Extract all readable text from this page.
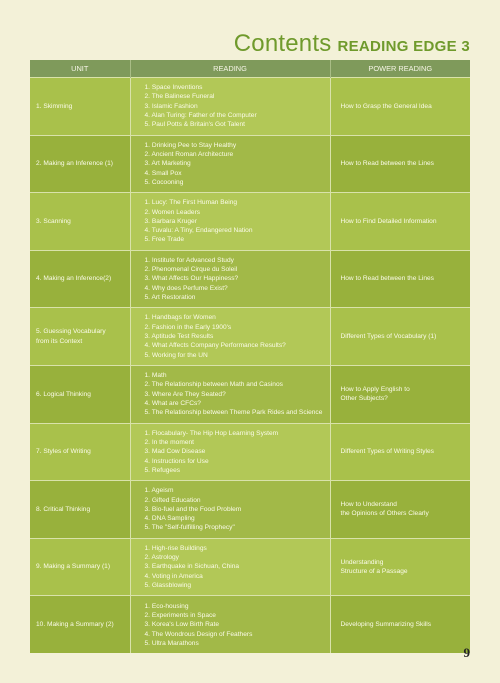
Contents READING EDGE 3
UNIT	READING	POWER READING
1. Skimming	1. Space Inventions
2. The Balinese Funeral
3. Islamic Fashion
4. Alan Turing: Father of the Computer
5. Paul Potts & Britain's Got Talent	How to Grasp the General Idea
2. Making an Inference (1)	1. Drinking Pee to Stay Healthy
2. Ancient Roman Architecture
3. Art Marketing
4. Small Pox
5. Cocooning	How to Read between the Lines
3. Scanning	1. Lucy: The First Human Being
2. Women Leaders
3. Barbara Kruger
4. Tuvalu: A Tiny, Endangered Nation
5. Free Trade	How to Find Detailed Information
4. Making an Inference(2)	1. Institute for Advanced Study
2. Phenomenal Cirque du Soleil
3. What Affects Our Happiness?
4. Why does Perfume Exist?
5. Art Restoration	How to Read between the Lines
5. Guessing Vocabulary
from its Context	1. Handbags for Women
2. Fashion in the Early 1900's
3. Aptitude Test Results
4. What Affects Company Performance Results?
5. Working for the UN	Different Types of Vocabulary (1)
6. Logical Thinking	1. Math
2. The Relationship between Math and Casinos
3. Where Are They Seated?
4. What are CFCs?
5. The Relationship between Theme Park Rides and Science	How to Apply English to
Other Subjects?
7. Styles of Writing	1. Flocabulary- The Hip Hop Learning System
2. In the moment
3. Mad Cow Disease
4. Instructions for Use
5. Refugees	Different Types of Writing Styles
8. Critical Thinking	1. Ageism
2. Gifted Education
3. Bio-fuel and the Food Problem
4. DNA Sampling
5. The "Self-fulfilling Prophecy"	How to Understand
the Opinions of Others Clearly
9. Making a Summary (1)	1. High-rise Buildings
2. Astrology
3. Earthquake in Sichuan, China
4. Voting in America
5. Glassblowing	Understanding
Structure of a Passage
10. Making a Summary (2)	1. Eco-housing
2. Experiments in Space
3. Korea's Low Birth Rate
4. The Wondrous Design of Feathers
5. Ultra Marathons	Developing Summarizing Skills
9
